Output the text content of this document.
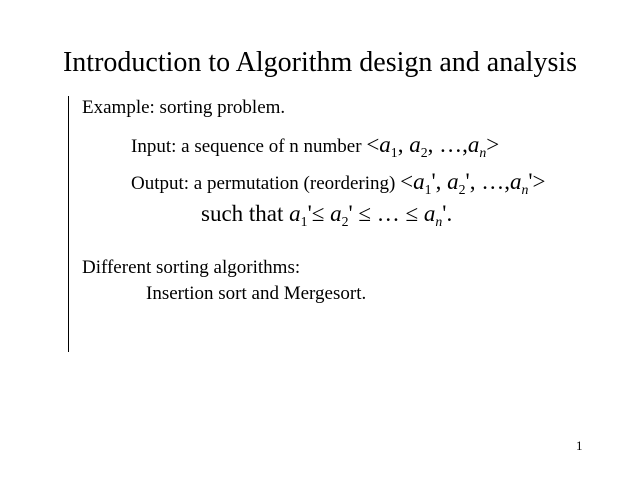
Introduction to Algorithm design and analysis
Example: sorting problem.
Input: a sequence of n number $<a_1$, $a_2$, $\dots,a_n>$
Output: a permutation (reordering) $<a_1'$, $a_2'$, $\dots,a_n'>$
such that $a_1'\le a_2'$ ≤ … ≤ $a_n'$.
Different sorting algorithms:
Insertion sort and Mergesort.
1
